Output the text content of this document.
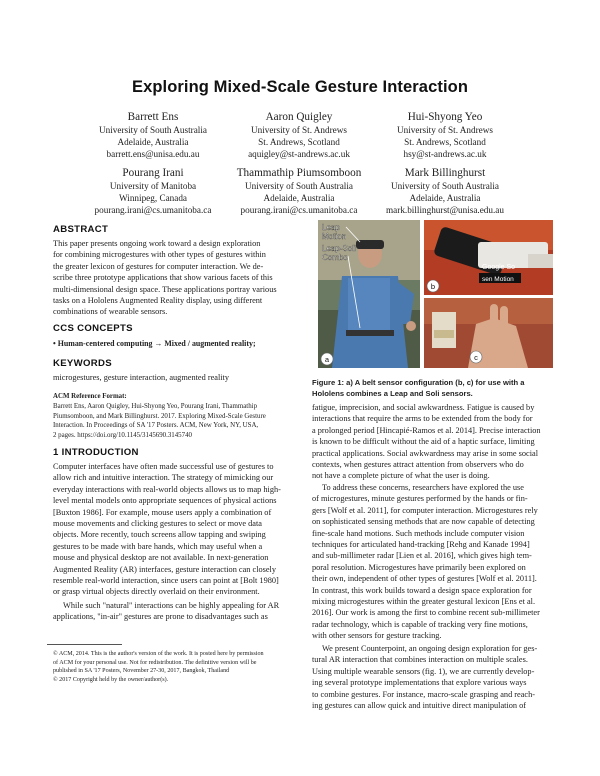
Exploring Mixed-Scale Gesture Interaction
Barrett Ens
University of South Australia
Adelaide, Australia
barrett.ens@unisa.edu.au
Aaron Quigley
University of St. Andrews
St. Andrews, Scotland
aquigley@st-andrews.ac.uk
Hui-Shyong Yeo
University of St. Andrews
St. Andrews, Scotland
hsy@st-andrews.ac.uk
Pourang Irani
University of Manitoba
Winnipeg, Canada
pourang.irani@cs.umanitoba.ca
Thammathip Piumsomboon
University of South Australia
Adelaide, Australia
pourang.irani@cs.umanitoba.ca
Mark Billinghurst
University of South Australia
Adelaide, Australia
mark.billinghurst@unisa.edu.au
ABSTRACT
This paper presents ongoing work toward a design exploration
for combining microgestures with other types of gestures within
the greater lexicon of gestures for computer interaction. We de-
scribe three prototype applications that show various facets of this
multi-dimensional design space. These applications portray various
tasks on a Hololens Augmented Reality display, using different
combinations of wearable sensors.
CCS CONCEPTS
• Human-centered computing → Mixed / augmented reality;
KEYWORDS
microgestures, gesture interaction, augmented reality
ACM Reference Format:
Barrett Ens, Aaron Quigley, Hui-Shyong Yeo, Pourang Irani, Thammathip
Piumsomboon, and Mark Billinghurst. 2017. Exploring Mixed-Scale Gesture
Interaction. In Proceedings of SA '17 Posters. ACM, New York, NY, USA,
2 pages. https://doi.org/10.1145/3145690.3145740
1 INTRODUCTION
Computer interfaces have often made successful use of gestures to
allow rich and intuitive interaction. The strategy of mimicking our
everyday interactions with real-world objects allows us to map high-
level mental models onto appropriate sequences of physical actions
[Buxton 1986]. For example, mouse users apply a combination of
mouse movements and clicking gestures to select or move data
objects. More recently, touch screens allow tapping and swiping
gestures to be made with bare hands, which may useful when a
mouse and physical desktop are not available. In next-generation
Augmented Reality (AR) interfaces, gesture interaction can closely
resemble real-world interaction, since users can point at [Bolt 1980]
or grasp virtual objects directly overlaid on their environment.
While such "natural" interactions can be highly appealing for AR
applications, "in-air" gestures are prone to disadvantages such as
© ACM, 2014. This is the author's version of the work. It is posted here by permission
of ACM for your personal use. Not for redistribution. The definitive version will be
published in SA '17 Posters, November 27-30, 2017, Bangkok, Thailand
© 2017 Copyright held by the owner/author(s).
a
Leap
Motion
Leap-Soli
Combo
Google So
sen Motion
b
c
Figure 1: a) A belt sensor configuration (b, c) for use with a
Hololens combines a Leap and Soli sensors.
fatigue, imprecision, and social awkwardness. Fatigue is caused by
interactions that require the arms to be extended from the body for
a prolonged period [Hincapié-Ramos et al. 2014]. Precise interaction
is known to be difficult without the aid of a haptic surface, limiting
practical applications. Social awkwardness may arise in some social
contexts, when gestures attract attention from observers who do
not have a complete picture of what the user is doing.
To address these concerns, researchers have explored the use
of microgestures, minute gestures performed by the hands or fin-
gers [Wolf et al. 2011], for computer interaction. Microgestures rely
on sophisticated sensing methods that are now capable of detecting
fine-scale hand motions. Such methods include computer vision
techniques for articulated hand-tracking [Rehg and Kanade 1994]
and sub-millimeter radar [Lien et al. 2016], which gives high tem-
poral resolution. Microgestures have primarily been explored on
their own, independent of other types of gestures [Wolf et al. 2011].
In contrast, this work builds toward a design space exploration for
mixing microgestures within the greater gestural lexicon [Ens et al.
2016]. Our work is among the first to combine recent sub-millimeter
radar technology, which is capable of tracking very fine motions,
with other sensors for gesture tracking.
We present Counterpoint, an ongoing design exploration for ges-
tural AR interaction that combines interaction on multiple scales.
Using multiple wearable sensors (fig. 1), we are currently develop-
ing several prototype implementations that explore various ways
to combine gestures. For instance, macro-scale grasping and reach-
ing gestures can allow quick and intuitive direct manipulation of
